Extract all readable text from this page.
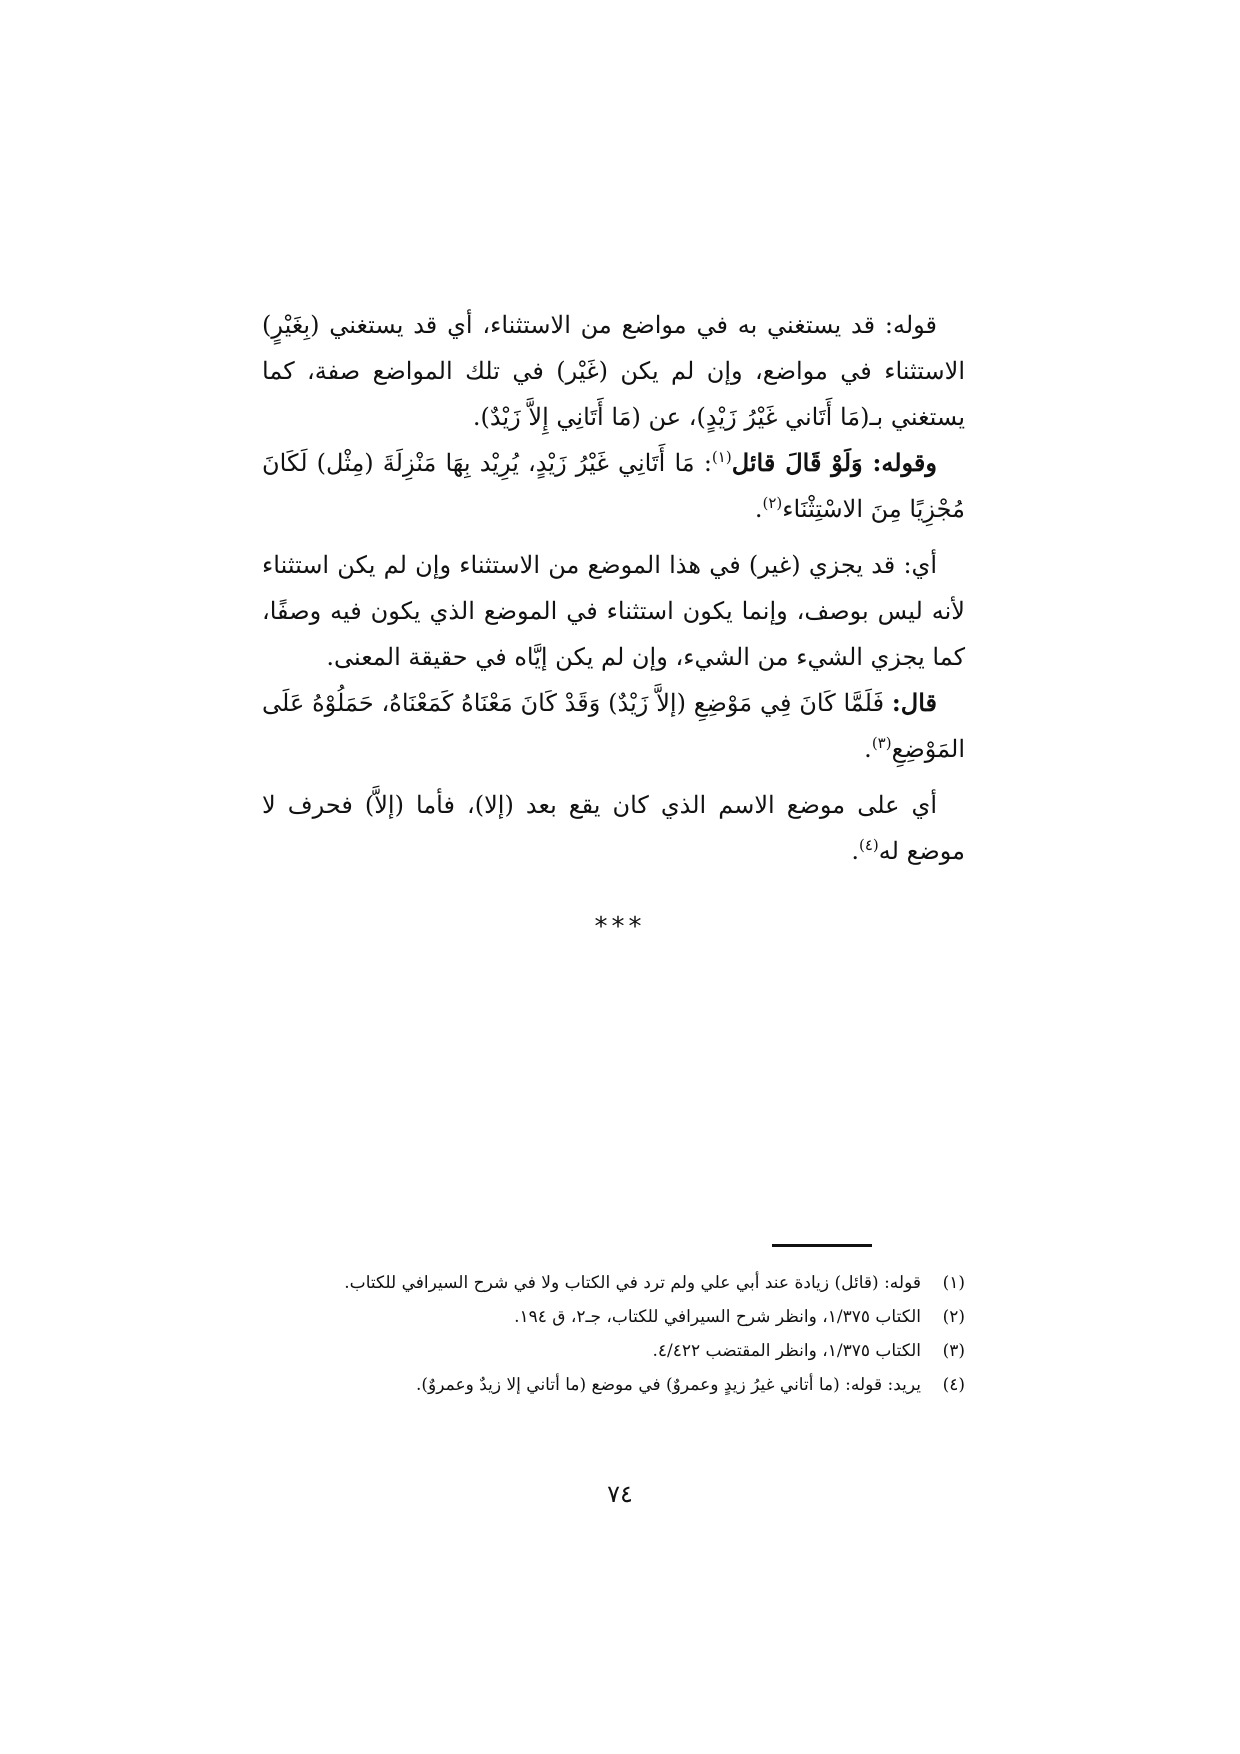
قوله: قد يستغني به في مواضع من الاستثناء، أي قد يستغني (بِغَيْرٍ) الاستثناء في مواضع، وإن لم يكن (غَيْر) في تلك المواضع صفة، كما يستغني بـ(مَا أَتَاني غَيْرُ زَيْدٍ)، عن (مَا أَتَانِي إِلاَّ زَيْدٌ).

وقوله: وَلَوْ قَالَ قائل$^{(١)}$: مَا أَتَانِي غَيْرُ زَيْدٍ، يُرِيْد بِهَا مَنْزِلَةَ (مِثْل) لَكَانَ مُجْزِيًا مِنَ الاسْتِثْنَاء$^{(٢)}$.

أي: قد يجزي (غير) في هذا الموضع من الاستثناء وإن لم يكن استثناء لأنه ليس بوصف، وإنما يكون استثناء في الموضع الذي يكون فيه وصفًا، كما يجزي الشيء من الشيء، وإن لم يكن إيَّاه في حقيقة المعنى.

قال: فَلَمَّا كَانَ فِي مَوْضِعِ (إلاَّ زَيْدٌ) وَقَدْ كَانَ مَعْنَاهُ كَمَعْنَاهُ، حَمَلُوْهُ عَلَى المَوْضِعِ$^{(٣)}$.

أي على موضع الاسم الذي كان يقع بعد (إلا)، فأما (إلاَّ) فحرف لا موضع له$^{(٤)}$.

***
(١)
قوله: (قائل) زيادة عند أبي علي ولم ترد في الكتاب ولا في شرح السيرافي للكتاب.
(٢)
الكتاب ١/٣٧٥، وانظر شرح السيرافي للكتاب، جـ٢، ق ١٩٤.
(٣)
الكتاب ١/٣٧٥، وانظر المقتضب ٤/٤٢٢.
(٤)
يريد: قوله: (ما أتاني غيرُ زيدٍ وعمروٌ) في موضع (ما أتاني إلا زيدٌ وعمروٌ).
٧٤
